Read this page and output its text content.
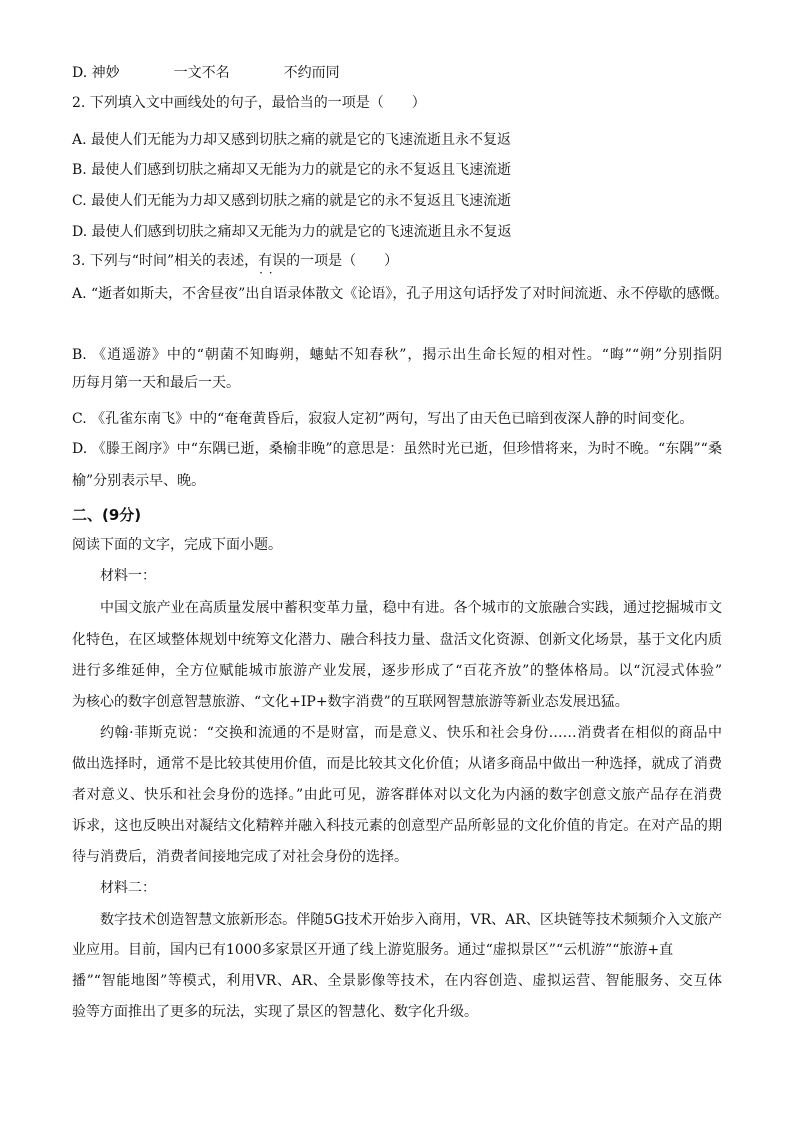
D. 神妙	一文不名	不约而同
2. 下列填入文中画线处的句子，最恰当的一项是（　　）
A. 最使人们无能为力却又感到切肤之痛的就是它的飞速流逝且永不复返
B. 最使人们感到切肤之痛却又无能为力的就是它的永不复返且飞速流逝
C. 最使人们无能为力却又感到切肤之痛的就是它的永不复返且飞速流逝
D. 最使人们感到切肤之痛却又无能为力的就是它的飞速流逝且永不复返
3. 下列与“时间”相关的表述，有误 · ·的一项是（　　）
A. “逝者如斯夫，不舍昼夜”出自语录体散文《论语》，孔子用这句话抒发了对时间流逝、永不停歇的感慨。
B. 《逍遥游》中的“朝菌不知晦朔，蟪蛄不知春秋”，揭示出生命长短的相对性。“晦”“朔”分别指阴
历每月第一天和最后一天。
C. 《孔雀东南飞》中的“奄奄黄昏后，寂寂人定初”两句，写出了由天色已暗到夜深人静的时间变化。
D. 《滕王阁序》中“东隅已逝，桑榆非晚”的意思是：虽然时光已逝，但珍惜将来，为时不晚。“东隅”“桑
榆”分别表示早、晚。
二、(9分)
阅读下面的文字，完成下面小题。
材料一：
中国文旅产业在高质量发展中蓄积变革力量，稳中有进。各个城市的文旅融合实践，通过挖掘城市文
化特色，在区域整体规划中统筹文化潜力、融合科技力量、盘活文化资源、创新文化场景，基于文化内质
进行多维延伸，全方位赋能城市旅游产业发展，逐步形成了“百花齐放”的整体格局。以“沉浸式体验”
为核心的数字创意智慧旅游、“文化+IP+数字消费”的互联网智慧旅游等新业态发展迅猛。
约翰·菲斯克说：“交换和流通的不是财富，而是意义、快乐和社会身份……消费者在相似的商品中
做出选择时，通常不是比较其使用价值，而是比较其文化价值；从诸多商品中做出一种选择，就成了消费
者对意义、快乐和社会身份的选择。”由此可见，游客群体对以文化为内涵的数字创意文旅产品存在消费
诉求，这也反映出对凝结文化精粹并融入科技元素的创意型产品所彰显的文化价值的肯定。在对产品的期
待与消费后，消费者间接地完成了对社会身份的选择。
材料二：
数字技术创造智慧文旅新形态。伴随5G技术开始步入商用，VR、AR、区块链等技术频频介入文旅产
业应用。目前，国内已有1000多家景区开通了线上游览服务。通过“虚拟景区”“云机游”“旅游+直
播”“智能地图”等模式，利用VR、AR、全景影像等技术，在内容创造、虚拟运营、智能服务、交互体
验等方面推出了更多的玩法，实现了景区的智慧化、数字化升级。
